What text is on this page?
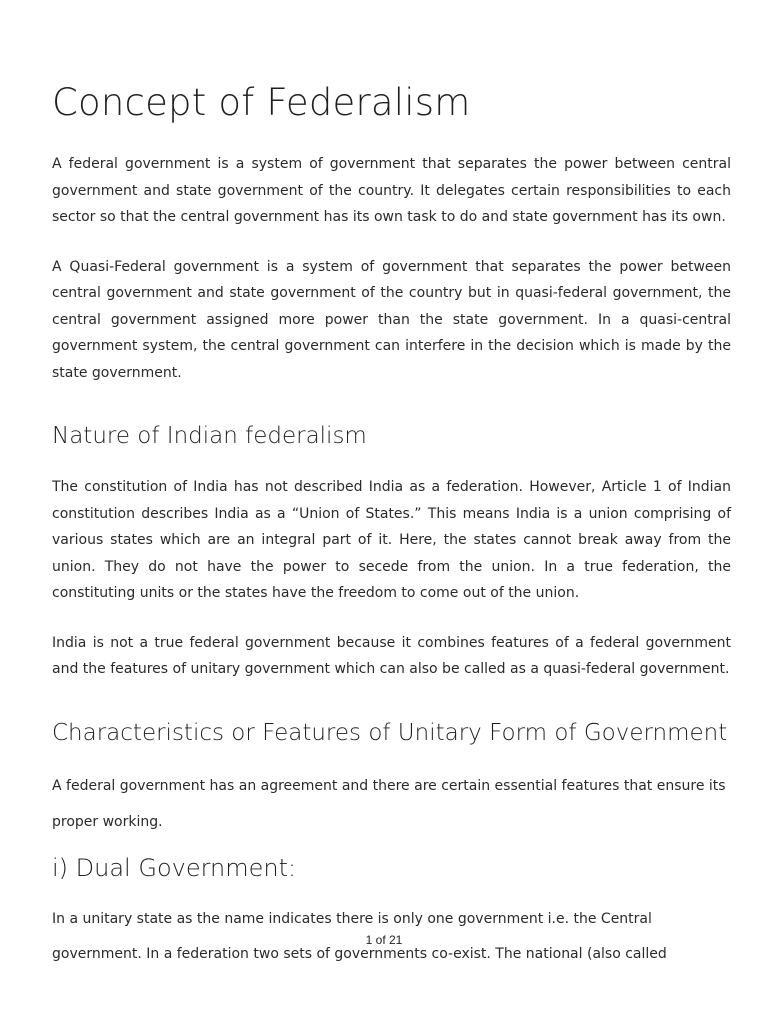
Concept of Federalism

A federal government is a system of government that separates the power between central government and state government of the country. It delegates certain responsibilities to each sector so that the central government has its own task to do and state government has its own.

A Quasi-Federal government is a system of government that separates the power between central government and state government of the country but in quasi-federal government, the central government assigned more power than the state government. In a quasi-central government system, the central government can interfere in the decision which is made by the state government.

Nature of Indian federalism

The constitution of India has not described India as a federation. However, Article 1 of Indian constitution describes India as a “Union of States.” This means India is a union comprising of various states which are an integral part of it. Here, the states cannot break away from the union. They do not have the power to secede from the union. In a true federation, the constituting units or the states have the freedom to come out of the union.

India is not a true federal government because it combines features of a federal government and the features of unitary government which can also be called as a quasi-federal government.

Characteristics or Features of Unitary Form of Government

A federal government has an agreement and there are certain essential features that ensure its proper working.

i) Dual Government:

In a unitary state as the name indicates there is only one government i.e. the Central government. In a federation two sets of governments co-exist. The national (also called

1 of 21
